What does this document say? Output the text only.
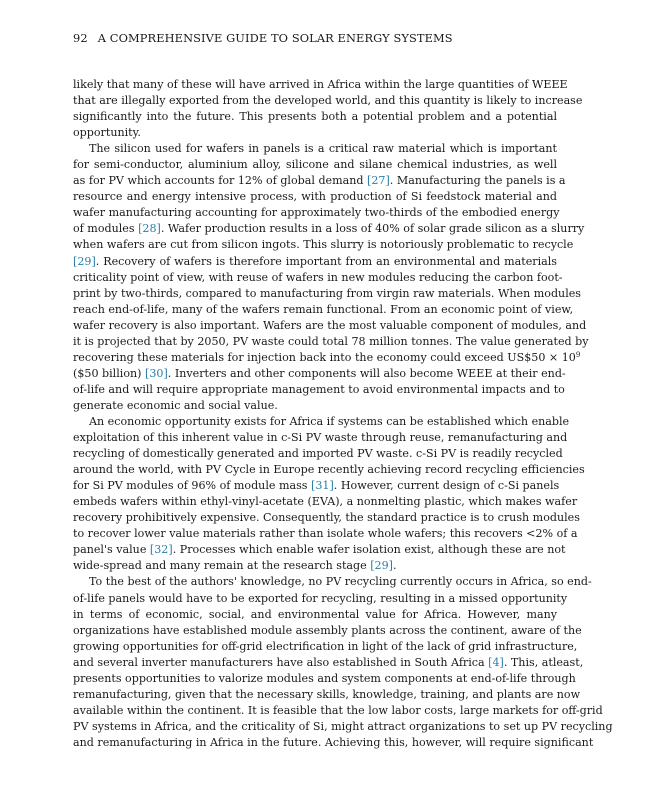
92 A COMPREHENSIVE GUIDE TO SOLAR ENERGY SYSTEMS
likely that many of these will have arrived in Africa within the large quantities of WEEE
that are illegally exported from the developed world, and this quantity is likely to increase
significantly into the future. This presents both a potential problem and a potential
opportunity.
The silicon used for wafers in panels is a critical raw material which is important
for semi-conductor, aluminium alloy, silicone and silane chemical industries, as well
as for PV which accounts for 12% of global demand [27]. Manufacturing the panels is a
resource and energy intensive process, with production of Si feedstock material and
wafer manufacturing accounting for approximately two-thirds of the embodied energy
of modules [28]. Wafer production results in a loss of 40% of solar grade silicon as a slurry
when wafers are cut from silicon ingots. This slurry is notoriously problematic to recycle
[29]. Recovery of wafers is therefore important from an environmental and materials
criticality point of view, with reuse of wafers in new modules reducing the carbon foot-
print by two-thirds, compared to manufacturing from virgin raw materials. When modules
reach end-of-life, many of the wafers remain functional. From an economic point of view,
wafer recovery is also important. Wafers are the most valuable component of modules, and
it is projected that by 2050, PV waste could total 78 million tonnes. The value generated by
recovering these materials for injection back into the economy could exceed US$50 × $10^9$
($50 billion) [30]. Inverters and other components will also become WEEE at their end-
of-life and will require appropriate management to avoid environmental impacts and to
generate economic and social value.
An economic opportunity exists for Africa if systems can be established which enable
exploitation of this inherent value in c-Si PV waste through reuse, remanufacturing and
recycling of domestically generated and imported PV waste. c-Si PV is readily recycled
around the world, with PV Cycle in Europe recently achieving record recycling efficiencies
for Si PV modules of 96% of module mass [31]. However, current design of c-Si panels
embeds wafers within ethyl-vinyl-acetate (EVA), a nonmelting plastic, which makes wafer
recovery prohibitively expensive. Consequently, the standard practice is to crush modules
to recover lower value materials rather than isolate whole wafers; this recovers <2% of a
panel's value [32]. Processes which enable wafer isolation exist, although these are not
wide-spread and many remain at the research stage [29].
To the best of the authors' knowledge, no PV recycling currently occurs in Africa, so end-
of-life panels would have to be exported for recycling, resulting in a missed opportunity
in terms of economic, social, and environmental value for Africa. However, many
organizations have established module assembly plants across the continent, aware of the
growing opportunities for off-grid electrification in light of the lack of grid infrastructure,
and several inverter manufacturers have also established in South Africa [4]. This, atleast,
presents opportunities to valorize modules and system components at end-of-life through
remanufacturing, given that the necessary skills, knowledge, training, and plants are now
available within the continent. It is feasible that the low labor costs, large markets for off-grid
PV systems in Africa, and the criticality of Si, might attract organizations to set up PV recycling
and remanufacturing in Africa in the future. Achieving this, however, will require significant
